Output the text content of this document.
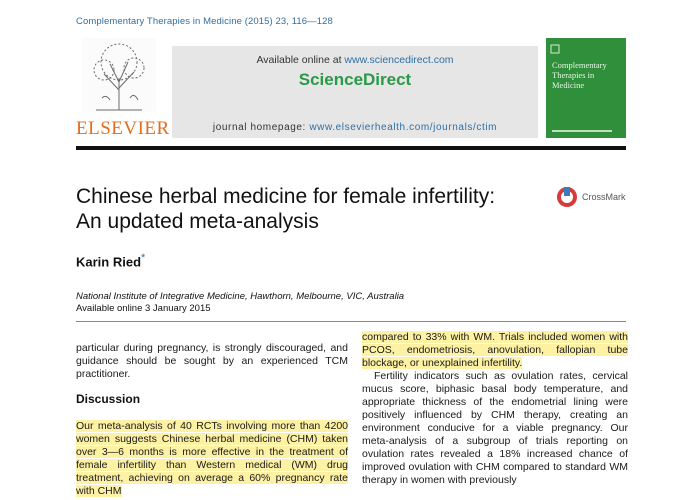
Complementary Therapies in Medicine (2015) 23, 116—128
ELSEVIER
Available online at www.sciencedirect.com
ScienceDirect
journal homepage: www.elsevierhealth.com/journals/ctim
Complementary Therapies in Medicine
Chinese herbal medicine for female infertility: An updated meta-analysis
CrossMark
Karin Ried*
National Institute of Integrative Medicine, Hawthorn, Melbourne, VIC, Australia
Available online 3 January 2015

particular during pregnancy, is strongly discouraged, and guidance should be sought by an experienced TCM practitioner.

Discussion

Our meta-analysis of 40 RCTs involving more than 4200 women suggests Chinese herbal medicine (CHM) taken over 3—6 months is more effective in the treatment of female infertility than Western medical (WM) drug treatment, achieving on average a 60% pregnancy rate with CHM

compared to 33% with WM. Trials included women with PCOS, endometriosis, anovulation, fallopian tube blockage, or unexplained infertility.

Fertility indicators such as ovulation rates, cervical mucus score, biphasic basal body temperature, and appropriate thickness of the endometrial lining were positively influenced by CHM therapy, creating an environment conducive for a viable pregnancy. Our meta-analysis of a subgroup of trials reporting on ovulation rates revealed a 18% increased chance of improved ovulation with CHM compared to standard WM therapy in women with previously
